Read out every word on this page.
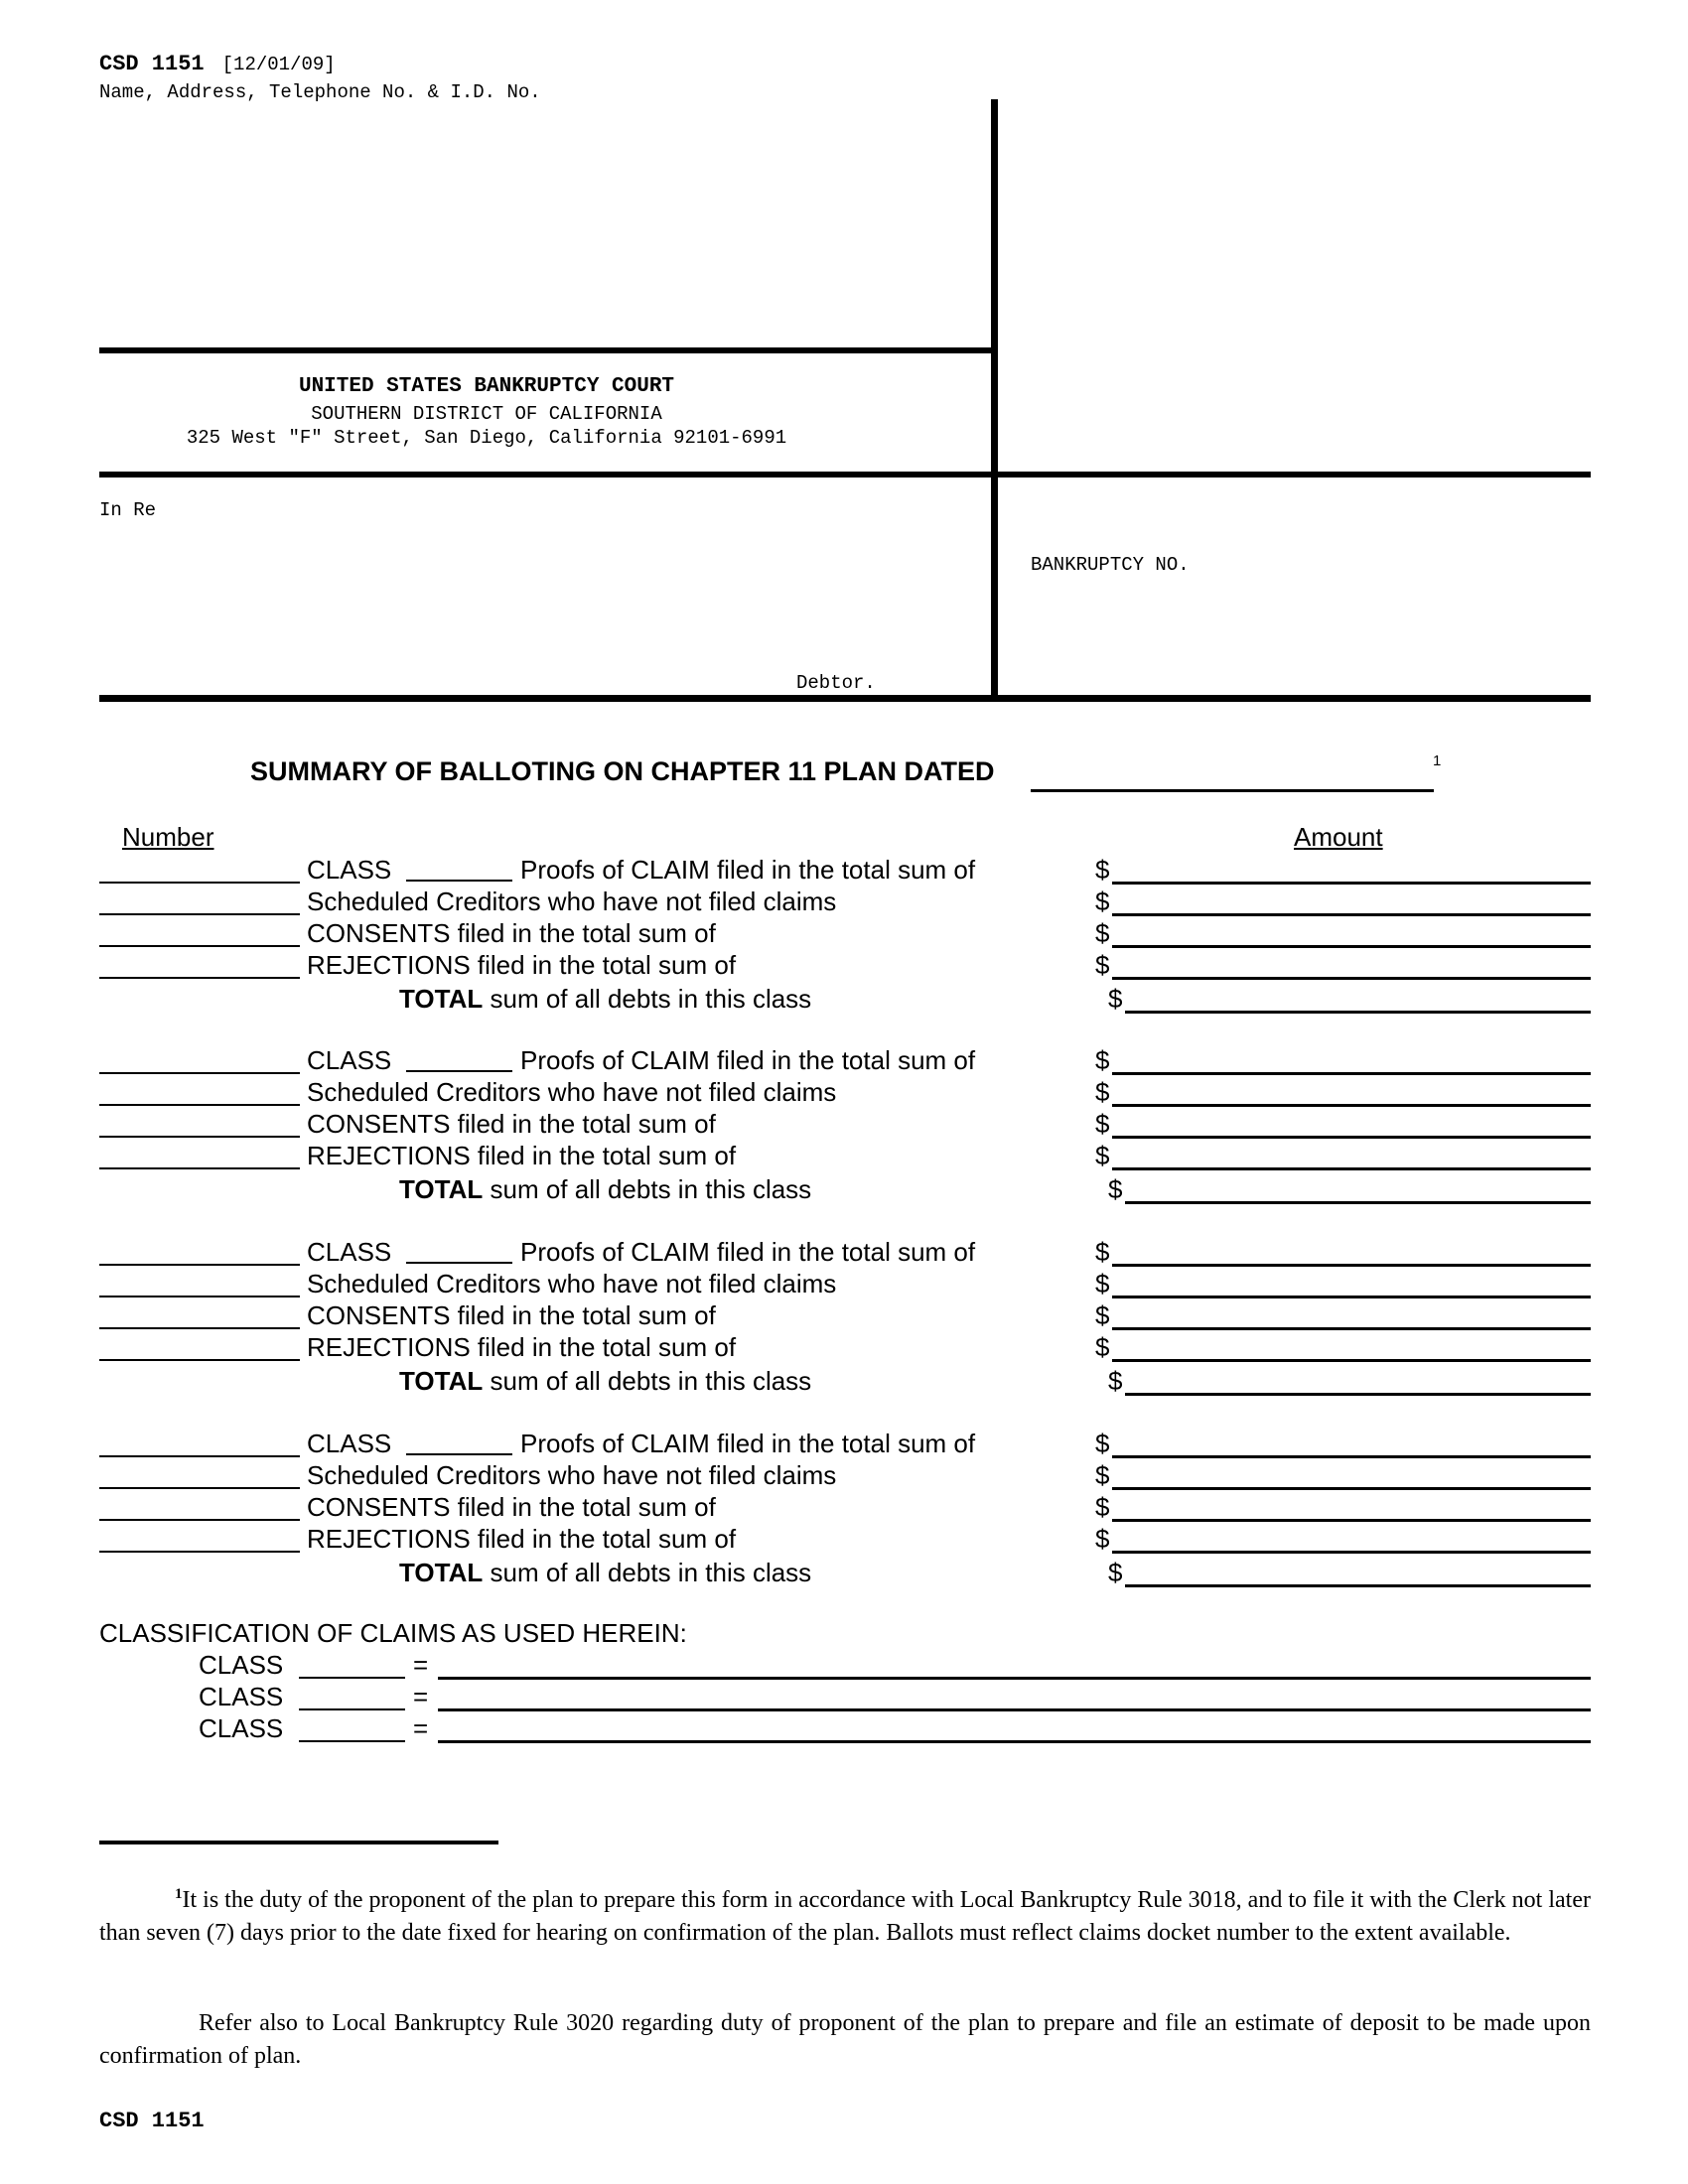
CSD 1151 [12/01/09]
Name, Address, Telephone No. & I.D. No.
UNITED STATES BANKRUPTCY COURT
SOUTHERN DISTRICT OF CALIFORNIA
325 West "F" Street, San Diego, California 92101-6991
In Re
Debtor.
BANKRUPTCY NO.
SUMMARY OF BALLOTING ON CHAPTER 11 PLAN DATED	1
Number	Amount
CLASS	Proofs of CLAIM filed in the total sum of	$
Scheduled Creditors who have not filed claims	$
CONSENTS filed in the total sum of	$
REJECTIONS filed in the total sum of	$
TOTAL sum of all debts in this class	$
CLASS	Proofs of CLAIM filed in the total sum of	$
Scheduled Creditors who have not filed claims	$
CONSENTS filed in the total sum of	$
REJECTIONS filed in the total sum of	$
TOTAL sum of all debts in this class	$
CLASS	Proofs of CLAIM filed in the total sum of	$
Scheduled Creditors who have not filed claims	$
CONSENTS filed in the total sum of	$
REJECTIONS filed in the total sum of	$
TOTAL sum of all debts in this class	$
CLASS	Proofs of CLAIM filed in the total sum of	$
Scheduled Creditors who have not filed claims	$
CONSENTS filed in the total sum of	$
REJECTIONS filed in the total sum of	$
TOTAL sum of all debts in this class	$
CLASSIFICATION OF CLAIMS AS USED HEREIN:
CLASS	=
CLASS	=
CLASS	=
$^1$It is the duty of the proponent of the plan to prepare this form in accordance with Local Bankruptcy Rule 3018, and to file it with the Clerk not later than seven (7) days prior to the date fixed for hearing on confirmation of the plan. Ballots must reflect claims docket number to the extent available.
Refer also to Local Bankruptcy Rule 3020 regarding duty of proponent of the plan to prepare and file an estimate of deposit to be made upon confirmation of plan.
CSD 1151
